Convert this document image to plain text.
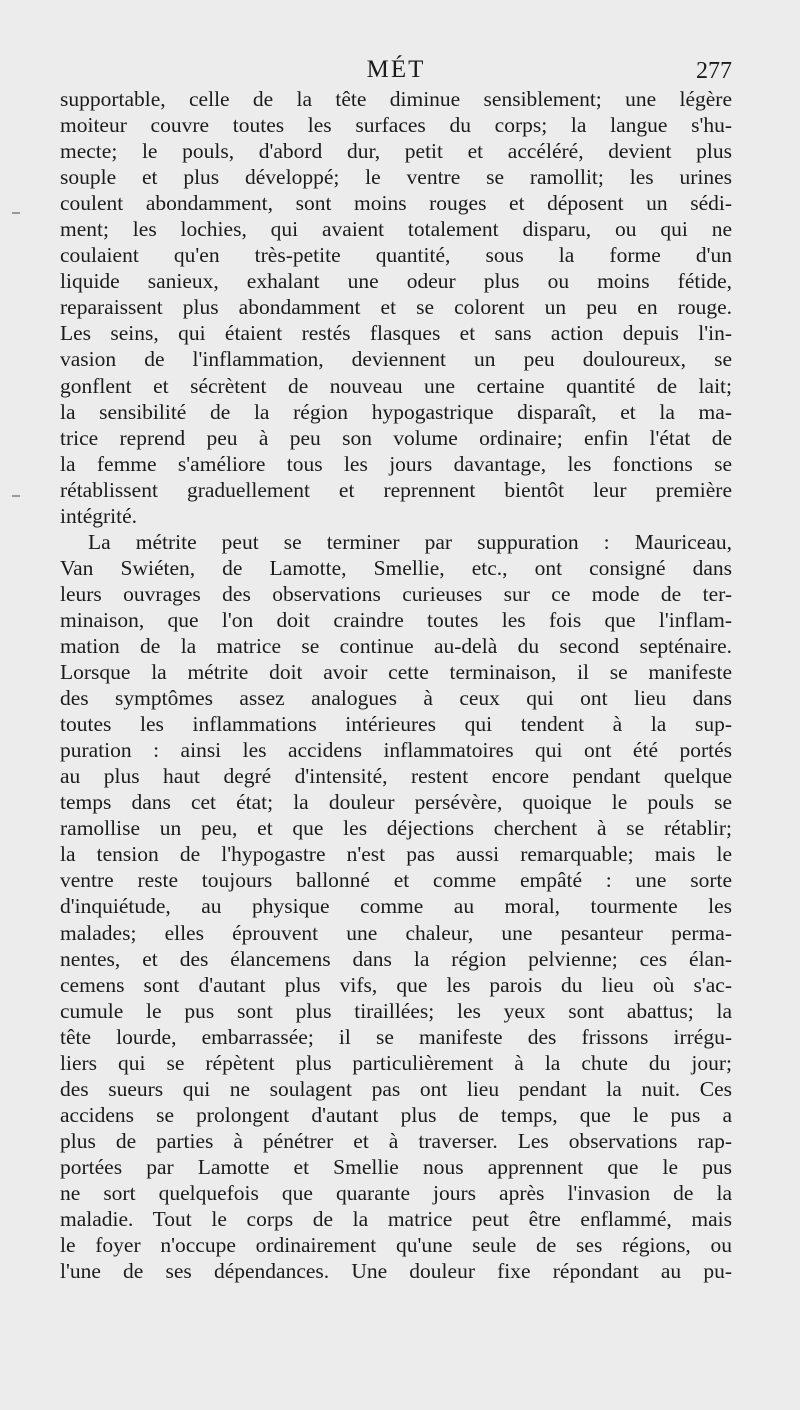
MÉT	277
supportable, celle de la tête diminue sensiblement; une légère
moiteur couvre toutes les surfaces du corps; la langue s'hu-
mecte; le pouls, d'abord dur, petit et accéléré, devient plus
souple et plus développé; le ventre se ramollit; les urines
coulent abondamment, sont moins rouges et déposent un sédi-
ment; les lochies, qui avaient totalement disparu, ou qui ne
coulaient qu'en très-petite quantité, sous la forme d'un
liquide sanieux, exhalant une odeur plus ou moins fétide,
reparaissent plus abondamment et se colorent un peu en rouge.
Les seins, qui étaient restés flasques et sans action depuis l'in-
vasion de l'inflammation, deviennent un peu douloureux, se
gonflent et sécrètent de nouveau une certaine quantité de lait;
la sensibilité de la région hypogastrique disparaît, et la ma-
trice reprend peu à peu son volume ordinaire; enfin l'état de
la femme s'améliore tous les jours davantage, les fonctions se
rétablissent graduellement et reprennent bientôt leur première
intégrité.
La métrite peut se terminer par suppuration : Mauriceau,
Van Swiéten, de Lamotte, Smellie, etc., ont consigné dans
leurs ouvrages des observations curieuses sur ce mode de ter-
minaison, que l'on doit craindre toutes les fois que l'inflam-
mation de la matrice se continue au-delà du second septénaire.
Lorsque la métrite doit avoir cette terminaison, il se manifeste
des symptômes assez analogues à ceux qui ont lieu dans
toutes les inflammations intérieures qui tendent à la sup-
puration : ainsi les accidens inflammatoires qui ont été portés
au plus haut degré d'intensité, restent encore pendant quelque
temps dans cet état; la douleur persévère, quoique le pouls se
ramollise un peu, et que les déjections cherchent à se rétablir;
la tension de l'hypogastre n'est pas aussi remarquable; mais le
ventre reste toujours ballonné et comme empâté : une sorte
d'inquiétude, au physique comme au moral, tourmente les
malades; elles éprouvent une chaleur, une pesanteur perma-
nentes, et des élancemens dans la région pelvienne; ces élan-
cemens sont d'autant plus vifs, que les parois du lieu où s'ac-
cumule le pus sont plus tiraillées; les yeux sont abattus; la
tête lourde, embarrassée; il se manifeste des frissons irrégu-
liers qui se répètent plus particulièrement à la chute du jour;
des sueurs qui ne soulagent pas ont lieu pendant la nuit. Ces
accidens se prolongent d'autant plus de temps, que le pus a
plus de parties à pénétrer et à traverser. Les observations rap-
portées par Lamotte et Smellie nous apprennent que le pus
ne sort quelquefois que quarante jours après l'invasion de la
maladie. Tout le corps de la matrice peut être enflammé, mais
le foyer n'occupe ordinairement qu'une seule de ses régions, ou
l'une de ses dépendances. Une douleur fixe répondant au pu-
